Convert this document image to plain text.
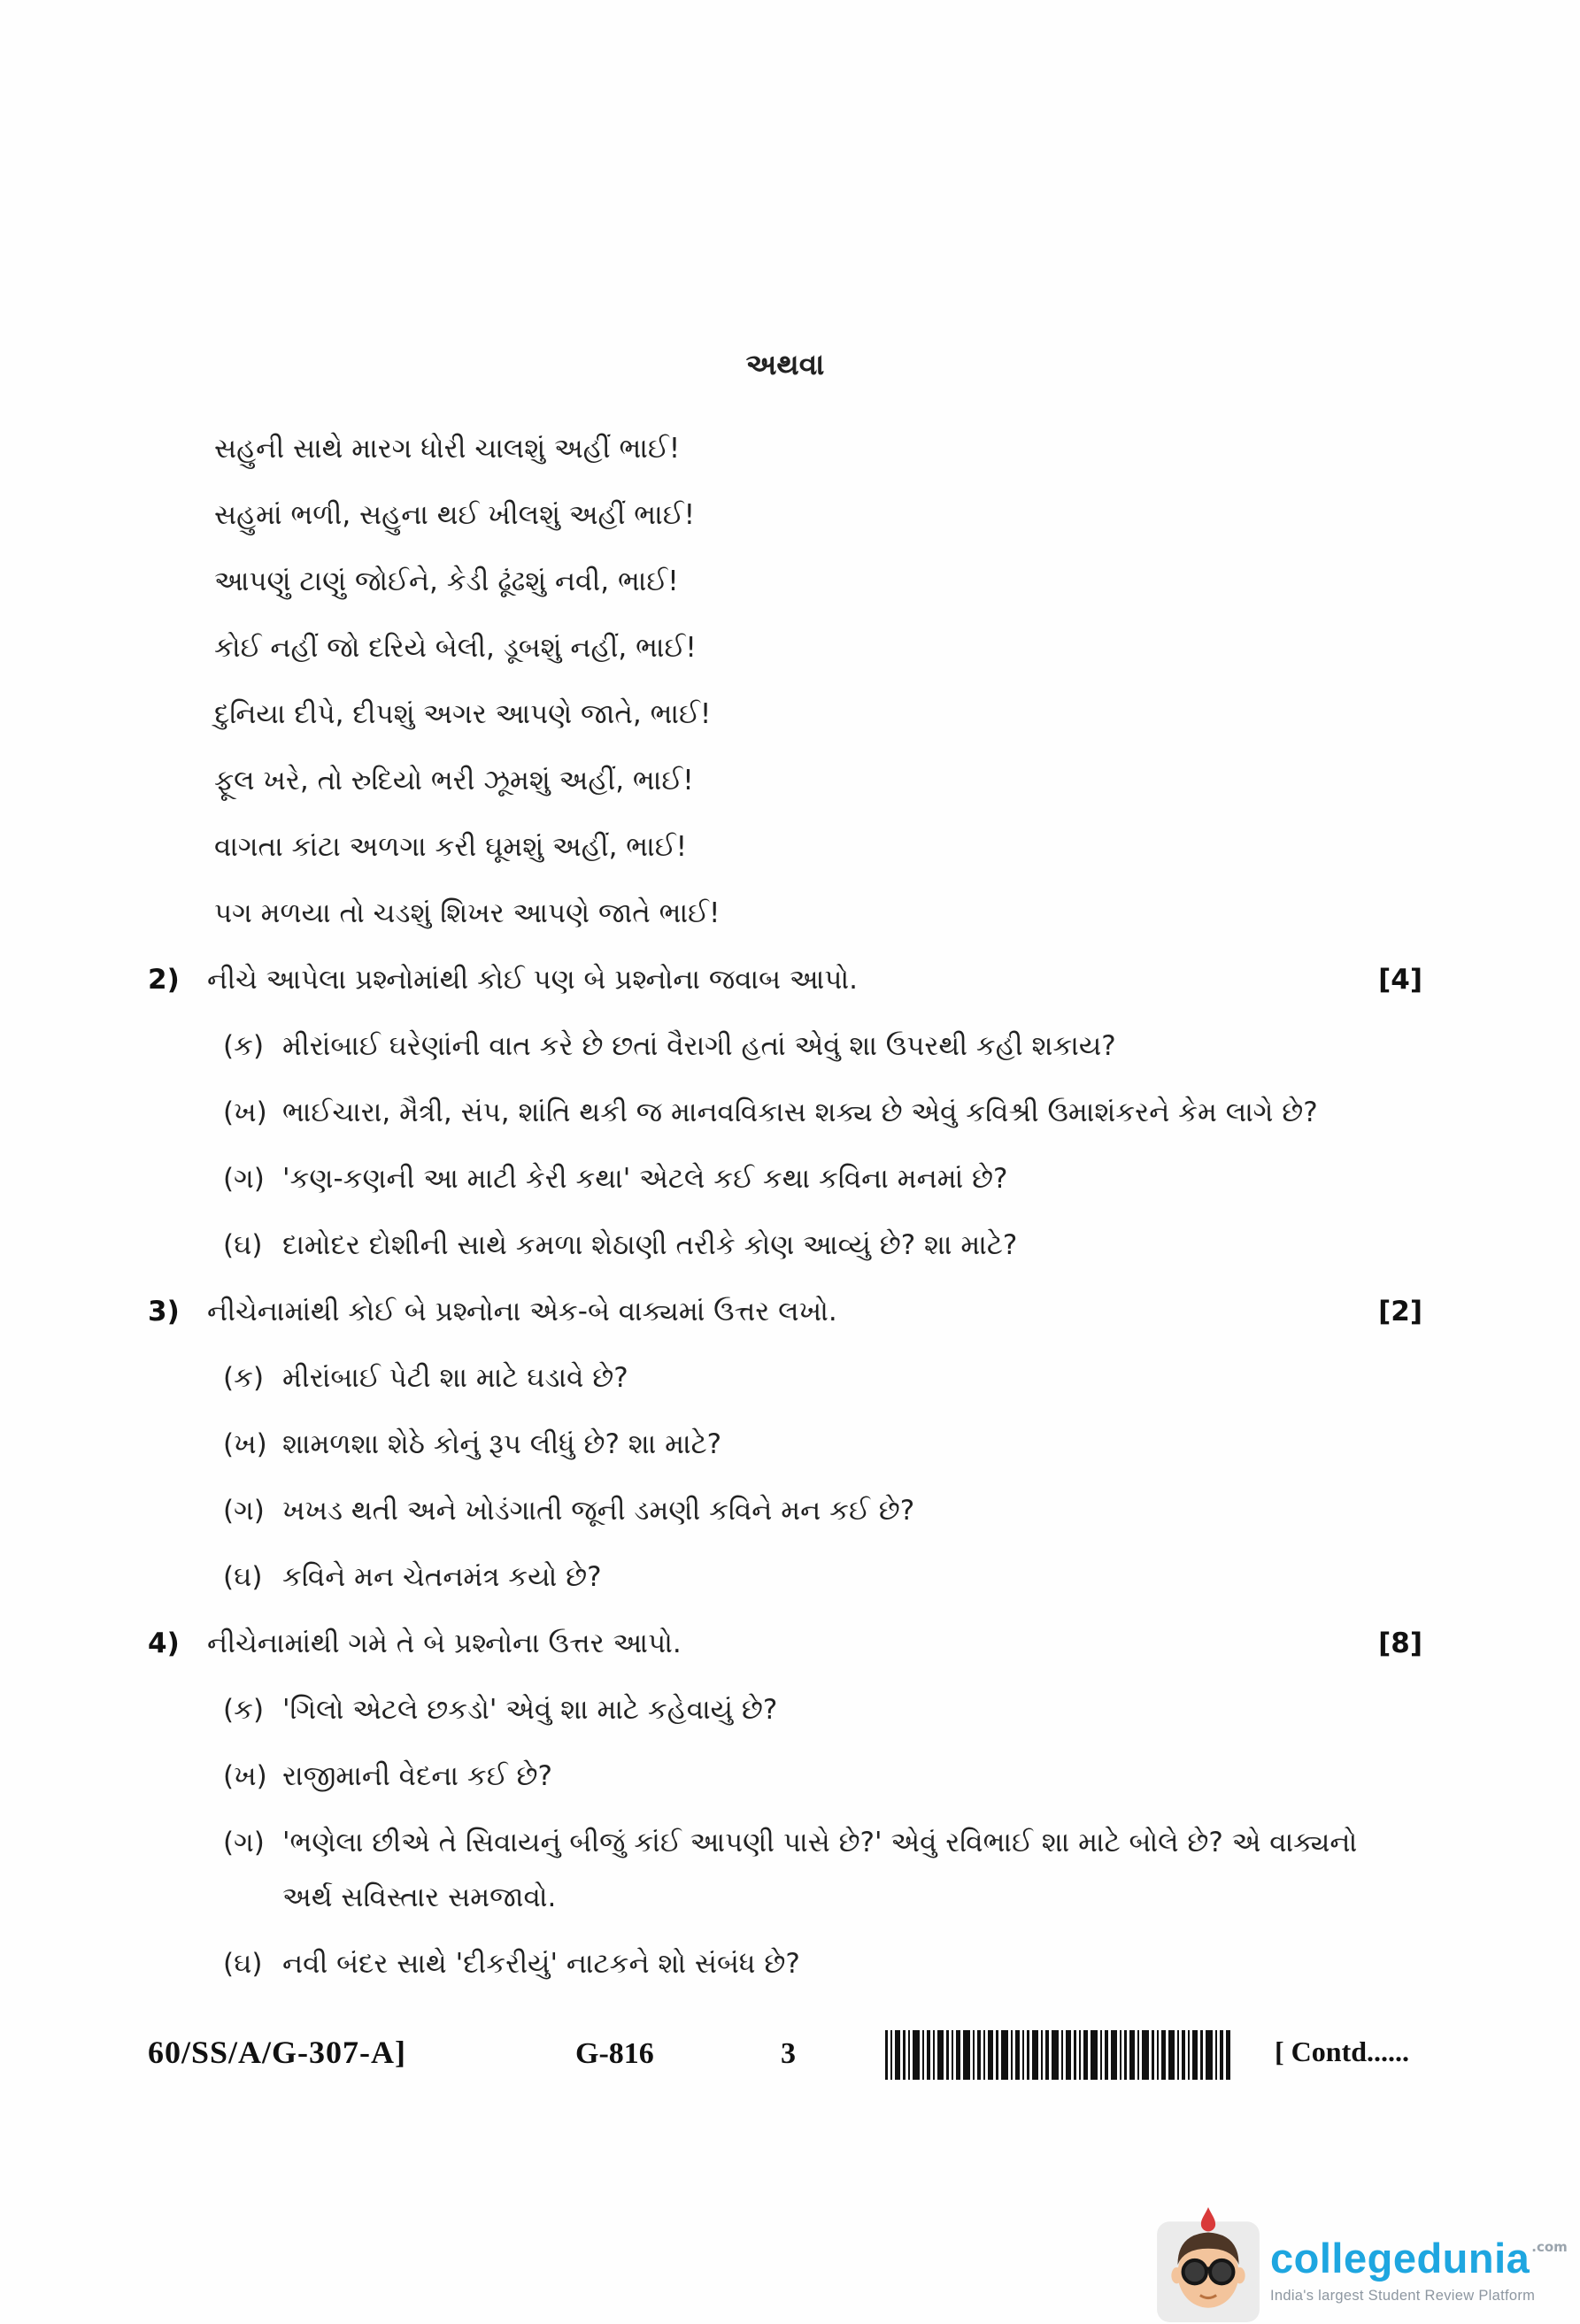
અથવા
સહુની સાથે મારગ ધોરી ચાલશું અહીં ભાઈ!
સહુમાં ભળી, સહુના થઈ ખીલશું અહીં ભાઈ!
આપણું ટાણું જોઈને, કેડી ઢૂંઢશું નવી, ભાઈ!
કોઈ નહીં જો દરિયે બેલી, ડૂબશું નહીં, ભાઈ!
દુનિયા દીપે, દીપશું અગર આપણે જાતે, ભાઈ!
ફૂલ ખરે, તો રુદિયો ભરી ઝૂમશું અહીં, ભાઈ!
વાગતા કાંટા અળગા કરી ઘૂમશું અહીં, ભાઈ!
પગ મળયા તો ચડશું શિખર આપણે જાતે ભાઈ!
2)	નીચે આપેલા પ્રશ્નોમાંથી કોઈ પણ બે પ્રશ્નોના જવાબ આપો.	[4]
(ક) મીરાંબાઈ ઘરેણાંની વાત કરે છે છતાં વૈરાગી હતાં એવું શા ઉપરથી કહી શકાય?
(ખ) ભાઈચારા, મૈત્રી, સંપ, શાંતિ થકી જ માનવવિકાસ શક્ય છે એવું કવિશ્રી ઉમાશંકરને કેમ લાગે છે?
(ગ) 'કણ-કણની આ માટી કેરી કથા' એટલે કઈ કથા કવિના મનમાં છે?
(ઘ) દામોદર દોશીની સાથે કમળા શેઠાણી તરીકે કોણ આવ્યું છે? શા માટે?
3)	નીચેનામાંથી કોઈ બે પ્રશ્નોના એક-બે વાક્યમાં ઉત્તર લખો.	[2]
(ક) મીરાંબાઈ પેટી શા માટે ઘડાવે છે?
(ખ) શામળશા શેઠે કોનું રૂપ લીધું છે? શા માટે?
(ગ) ખખડ થતી અને ખોડંગાતી જૂની ડમણી કવિને મન કઈ છે?
(ઘ) કવિને મન ચેતનમંત્ર કયો છે?
4)	નીચેનામાંથી ગમે તે બે પ્રશ્નોના ઉત્તર આપો.	[8]
(ક) 'ગિલો એટલે છકડો' એવું શા માટે કહેવાયું છે?
(ખ) રાજીમાની વેદના કઈ છે?
(ગ) 'ભણેલા છીએ તે સિવાયનું બીજું કાંઈ આપણી પાસે છે?' એવું રવિભાઈ શા માટે બોલે છે? એ વાક્યનો અર્થ સવિસ્તાર સમજાવો.
(ઘ) નવી બંદર સાથે 'દીકરીયું' નાટકને શો સંબંધ છે?
60/SS/A/G-307-A]	G-816	3	[ Contd......
collegedunia .com
India's largest Student Review Platform
